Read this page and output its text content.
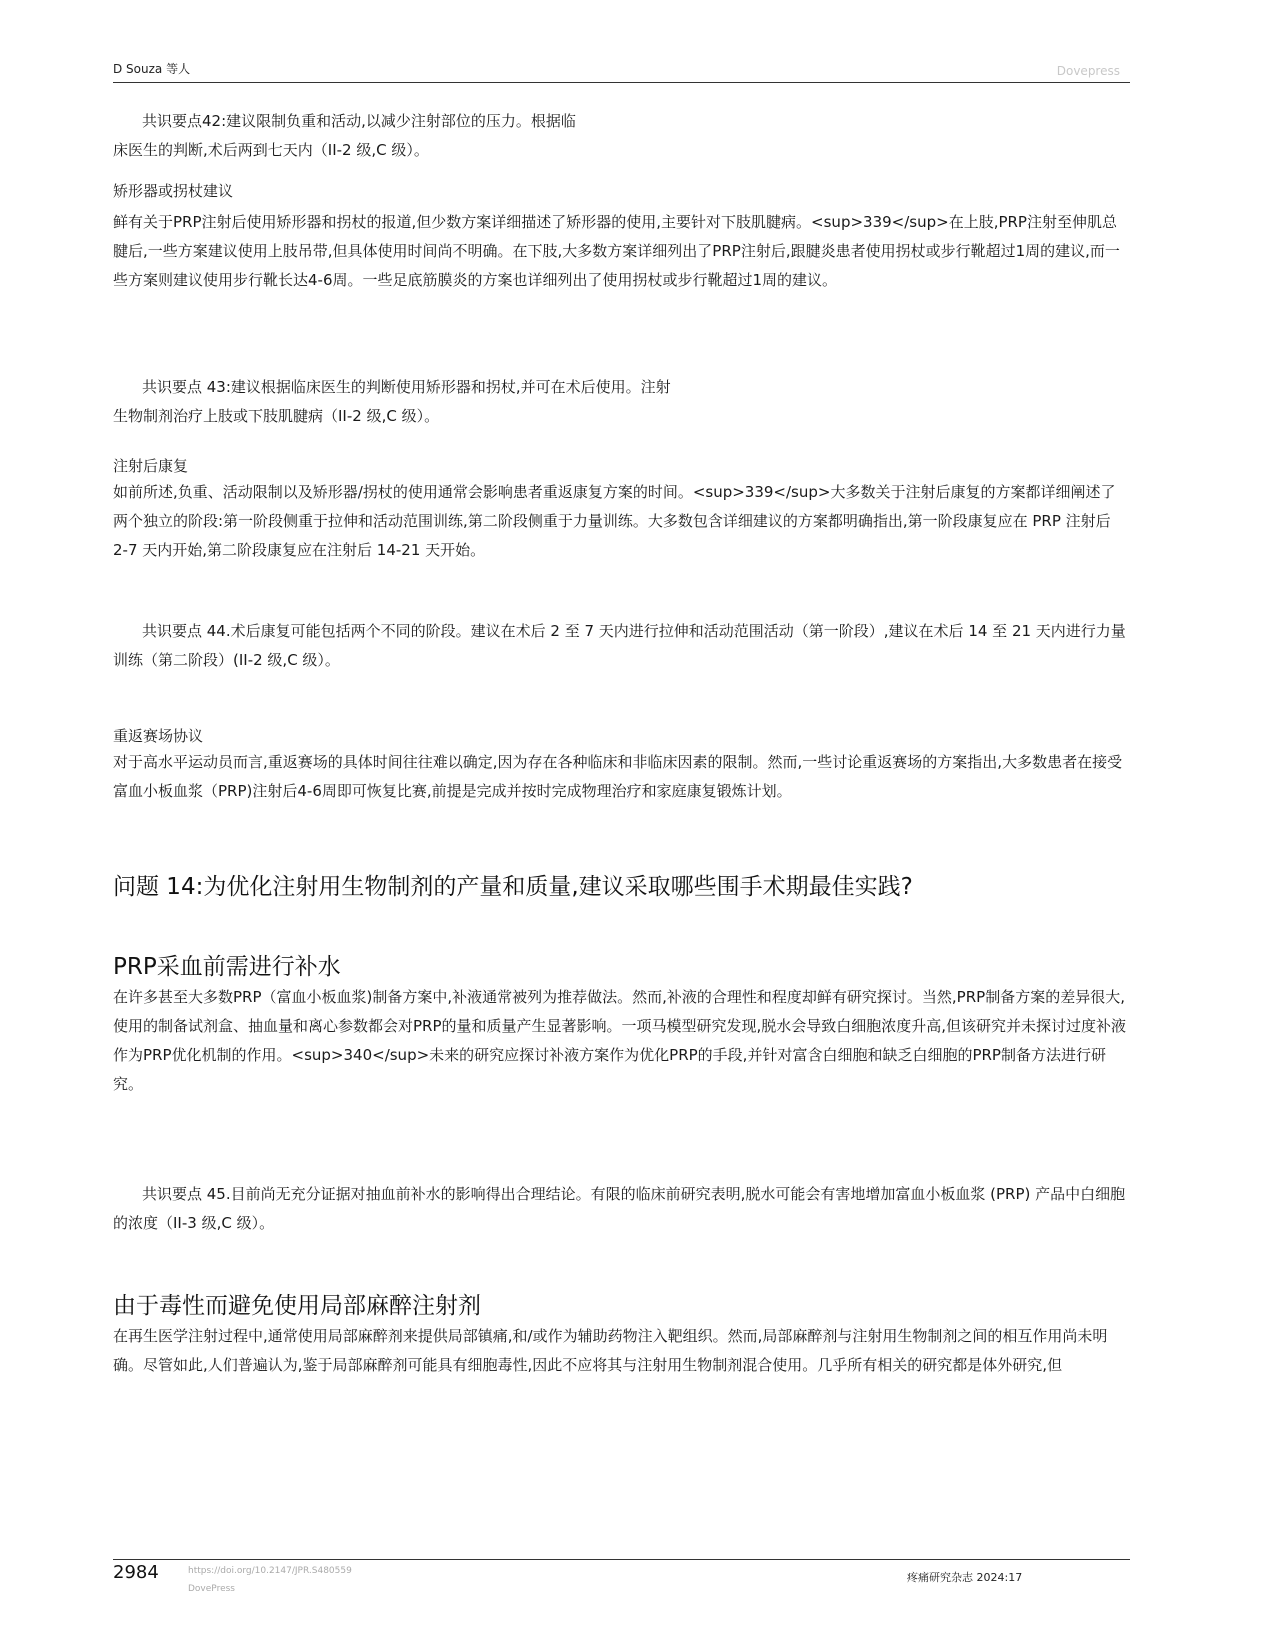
D Souza 等人	Dovepress

共识要点42:建议限制负重和活动,以减少注射部位的压力。根据临床医生的判断,术后两到七天内（II-2 级,C 级）。

矫形器或拐杖建议

鲜有关于PRP注射后使用矫形器和拐杖的报道,但少数方案详细描述了矫形器的使用,主要针对下肢肌腱病。<sup>339</sup>在上肢,PRP注射至伸肌总腱后,一些方案建议使用上肢吊带,但具体使用时间尚不明确。在下肢,大多数方案详细列出了PRP注射后,跟腱炎患者使用拐杖或步行靴超过1周的建议,而一些方案则建议使用步行靴长达4-6周。一些足底筋膜炎的方案也详细列出了使用拐杖或步行靴超过1周的建议。

共识要点 43:建议根据临床医生的判断使用矫形器和拐杖,并可在术后使用。注射生物制剂治疗上肢或下肢肌腱病（II-2 级,C 级）。

注射后康复

如前所述,负重、活动限制以及矫形器/拐杖的使用通常会影响患者重返康复方案的时间。<sup>339</sup>大多数关于注射后康复的方案都详细阐述了两个独立的阶段:第一阶段侧重于拉伸和活动范围训练,第二阶段侧重于力量训练。大多数包含详细建议的方案都明确指出,第一阶段康复应在 PRP 注射后 2-7 天内开始,第二阶段康复应在注射后 14-21 天开始。

共识要点 44.术后康复可能包括两个不同的阶段。建议在术后 2 至 7 天内进行拉伸和活动范围活动（第一阶段）,建议在术后 14 至 21 天内进行力量训练（第二阶段）(II-2 级,C 级）。

重返赛场协议

对于高水平运动员而言,重返赛场的具体时间往往难以确定,因为存在各种临床和非临床因素的限制。然而,一些讨论重返赛场的方案指出,大多数患者在接受富血小板血浆（PRP)注射后4-6周即可恢复比赛,前提是完成并按时完成物理治疗和家庭康复锻炼计划。

问题 14:为优化注射用生物制剂的产量和质量,建议采取哪些围手术期最佳实践?
PRP采血前需进行补水

在许多甚至大多数PRP（富血小板血浆)制备方案中,补液通常被列为推荐做法。然而,补液的合理性和程度却鲜有研究探讨。当然,PRP制备方案的差异很大,使用的制备试剂盒、抽血量和离心参数都会对PRP的量和质量产生显著影响。一项马模型研究发现,脱水会导致白细胞浓度升高,但该研究并未探讨过度补液作为PRP优化机制的作用。<sup>340</sup>未来的研究应探讨补液方案作为优化PRP的手段,并针对富含白细胞和缺乏白细胞的PRP制备方法进行研究。

共识要点 45.目前尚无充分证据对抽血前补水的影响得出合理结论。有限的临床前研究表明,脱水可能会有害地增加富血小板血浆 (PRP) 产品中白细胞的浓度（II-3 级,C 级）。

由于毒性而避免使用局部麻醉注射剂

在再生医学注射过程中,通常使用局部麻醉剂来提供局部镇痛,和/或作为辅助药物注入靶组织。然而,局部麻醉剂与注射用生物制剂之间的相互作用尚未明确。尽管如此,人们普遍认为,鉴于局部麻醉剂可能具有细胞毒性,因此不应将其与注射用生物制剂混合使用。几乎所有相关的研究都是体外研究,但

2984	https://doi.org/10.2147/JPR.S480559
DovePress
疼痛研究杂志 2024:17
